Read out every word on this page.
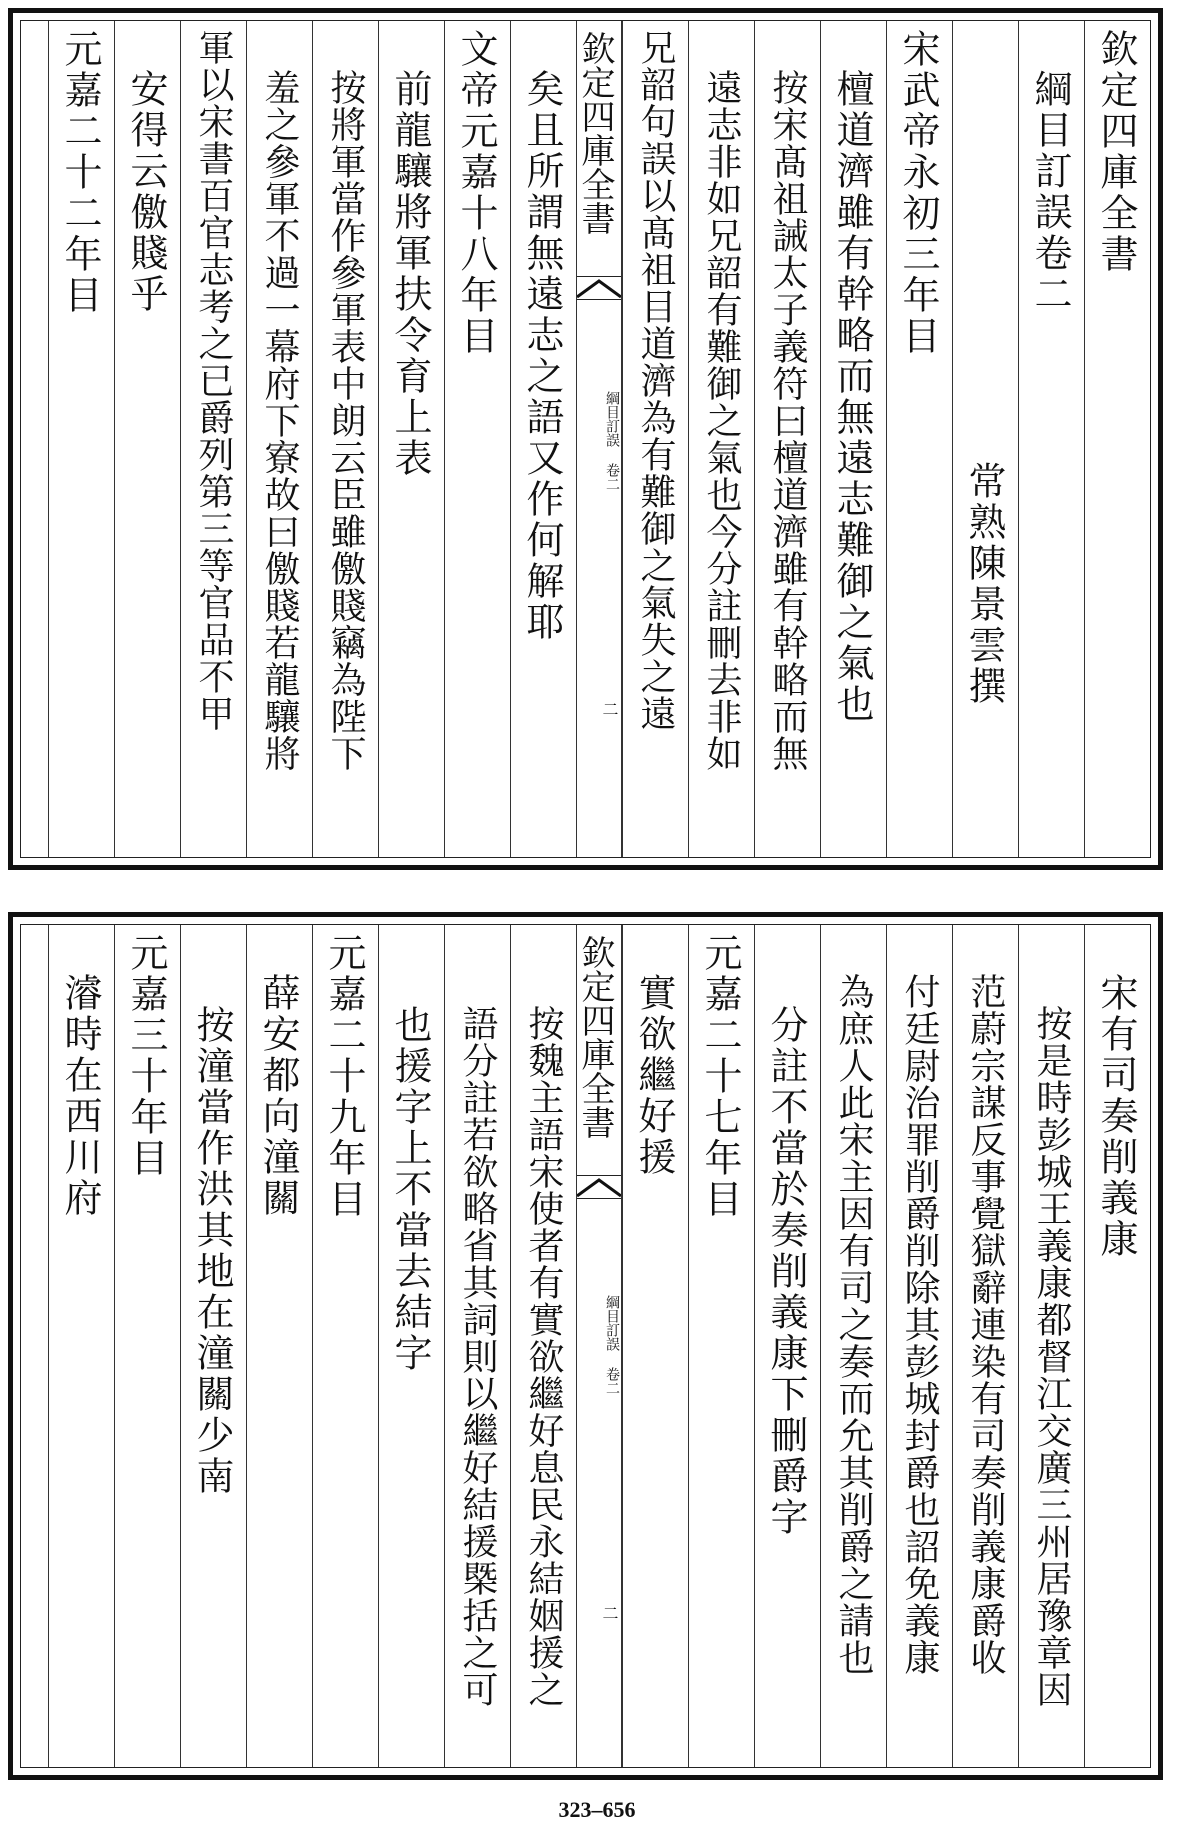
欽定四庫全書
綱目訂誤卷二
常熟陳景雲撰
宋武帝永初三年目
檀道濟雖有幹略而無遠志難御之氣也
按宋髙祖誡太子義符曰檀道濟雖有幹略而無
遠志非如兄韶有難御之氣也今分註刪去非如
兄韶句誤以髙祖目道濟為有難御之氣失之遠
欽定四庫全書
綱目訂誤 卷二
二
矣且所謂無遠志之語又作何解耶
文帝元嘉十八年目
前龍驤將軍扶令育上表
按將軍當作參軍表中朗云臣雖儌賤竊為陛下
羞之參軍不過一幕府下寮故曰儌賤若龍驤將
軍以宋書百官志考之已爵列第三等官品不甲
安得云儌賤乎
元嘉二十二年目
宋有司奏削義康
按是時彭城王義康都督江交廣三州居豫章因
范蔚宗謀反事覺獄辭連染有司奏削義康爵收
付廷尉治罪削爵削除其彭城封爵也詔免義康
為庶人此宋主因有司之奏而允其削爵之請也
分註不當於奏削義康下刪爵字
元嘉二十七年目
實欲繼好援
欽定四庫全書
綱目訂誤 卷二
二
按魏主語宋使者有實欲繼好息民永結姻援之
語分註若欲略省其詞則以繼好結援槩括之可
也援字上不當去結字
元嘉二十九年目
薛安都向潼關
按潼當作洪其地在潼關少南
元嘉三十年目
濬時在西川府
323–656
